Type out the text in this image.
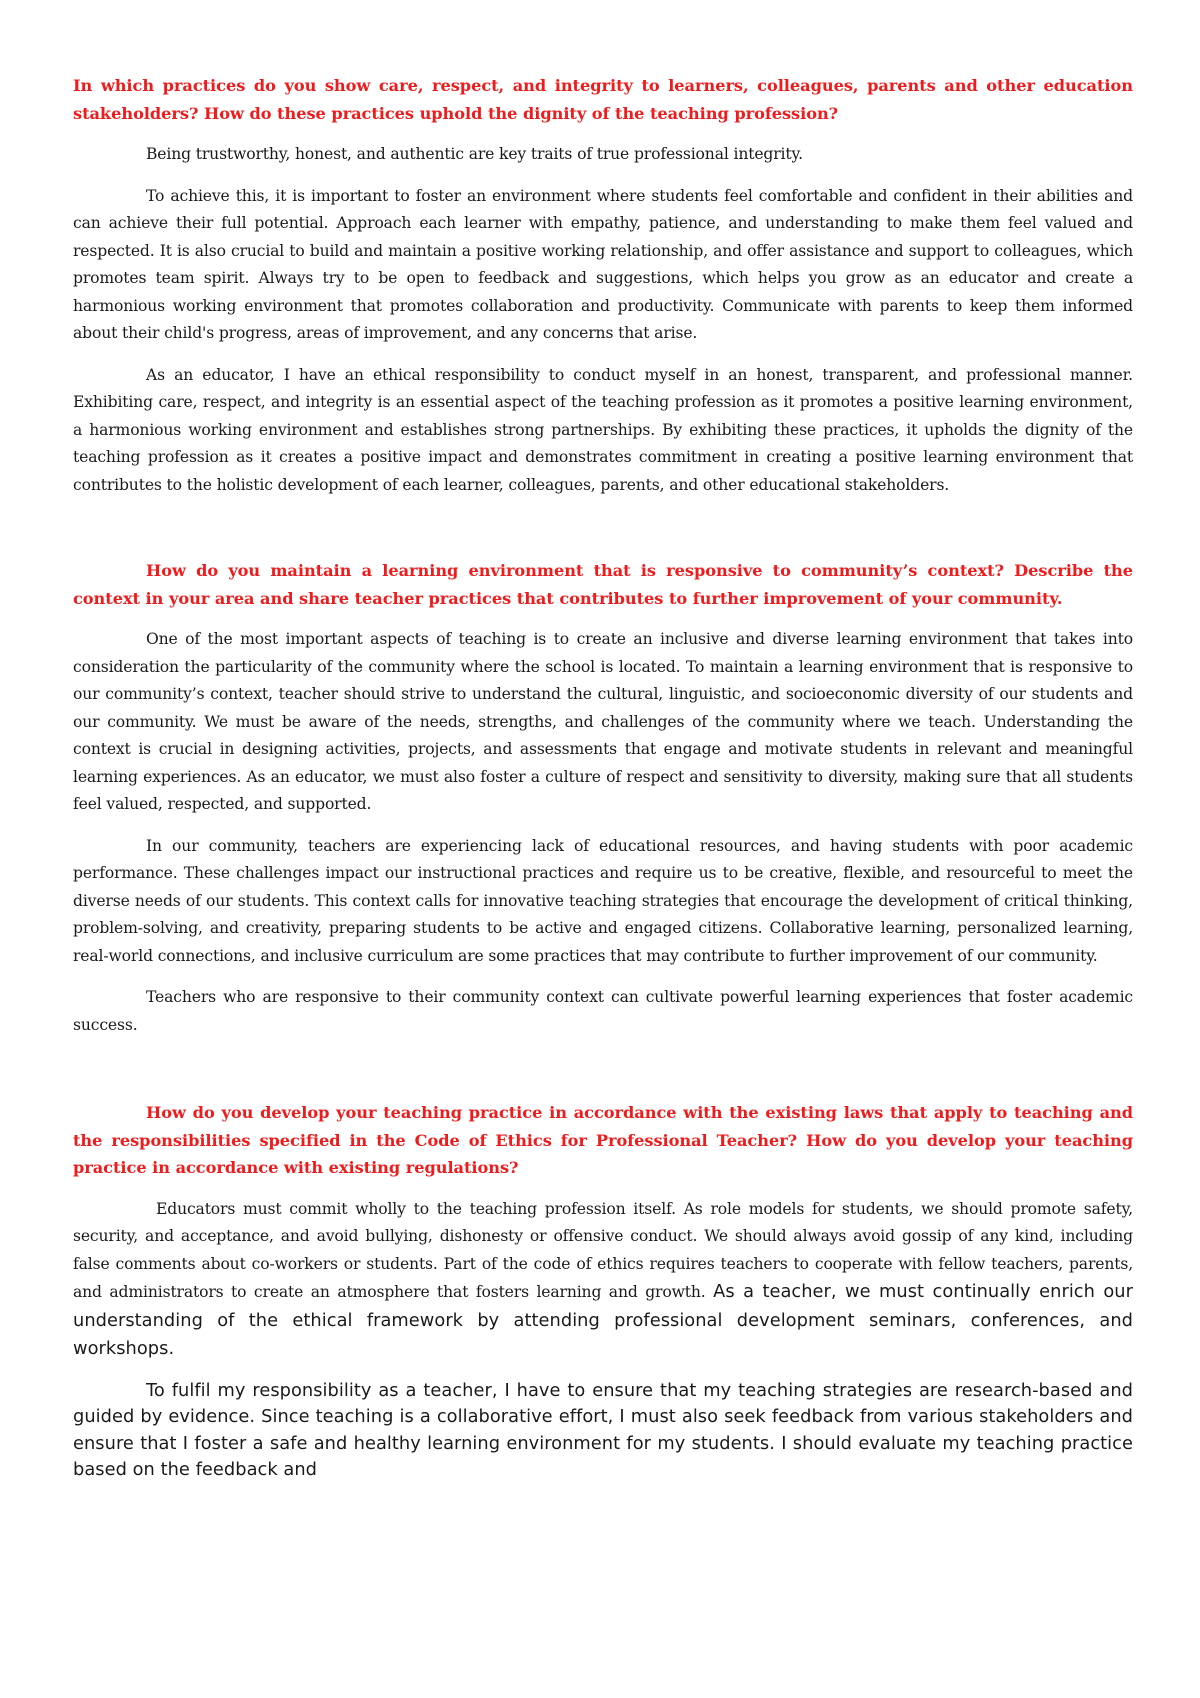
In which practices do you show care, respect, and integrity to learners, colleagues, parents and other education stakeholders? How do these practices uphold the dignity of the teaching profession?
Being trustworthy, honest, and authentic are key traits of true professional integrity.
To achieve this, it is important to foster an environment where students feel comfortable and confident in their abilities and can achieve their full potential. Approach each learner with empathy, patience, and understanding to make them feel valued and respected. It is also crucial to build and maintain a positive working relationship, and offer assistance and support to colleagues, which promotes team spirit. Always try to be open to feedback and suggestions, which helps you grow as an educator and create a harmonious working environment that promotes collaboration and productivity. Communicate with parents to keep them informed about their child's progress, areas of improvement, and any concerns that arise.
As an educator, I have an ethical responsibility to conduct myself in an honest, transparent, and professional manner. Exhibiting care, respect, and integrity is an essential aspect of the teaching profession as it promotes a positive learning environment, a harmonious working environment and establishes strong partnerships. By exhibiting these practices, it upholds the dignity of the teaching profession as it creates a positive impact and demonstrates commitment in creating a positive learning environment that contributes to the holistic development of each learner, colleagues, parents, and other educational stakeholders.
How do you maintain a learning environment that is responsive to community’s context? Describe the context in your area and share teacher practices that contributes to further improvement of your community.
One of the most important aspects of teaching is to create an inclusive and diverse learning environment that takes into consideration the particularity of the community where the school is located. To maintain a learning environment that is responsive to our community’s context, teacher should strive to understand the cultural, linguistic, and socioeconomic diversity of our students and our community. We must be aware of the needs, strengths, and challenges of the community where we teach. Understanding the context is crucial in designing activities, projects, and assessments that engage and motivate students in relevant and meaningful learning experiences. As an educator, we must also foster a culture of respect and sensitivity to diversity, making sure that all students feel valued, respected, and supported.
In our community, teachers are experiencing lack of educational resources, and having students with poor academic performance. These challenges impact our instructional practices and require us to be creative, flexible, and resourceful to meet the diverse needs of our students. This context calls for innovative teaching strategies that encourage the development of critical thinking, problem-solving, and creativity, preparing students to be active and engaged citizens. Collaborative learning, personalized learning, real-world connections, and inclusive curriculum are some practices that may contribute to further improvement of our community.
Teachers who are responsive to their community context can cultivate powerful learning experiences that foster academic success.
How do you develop your teaching practice in accordance with the existing laws that apply to teaching and the responsibilities specified in the Code of Ethics for Professional Teacher? How do you develop your teaching practice in accordance with existing regulations?
Educators must commit wholly to the teaching profession itself. As role models for students, we should promote safety, security, and acceptance, and avoid bullying, dishonesty or offensive conduct. We should always avoid gossip of any kind, including false comments about co-workers or students. Part of the code of ethics requires teachers to cooperate with fellow teachers, parents, and administrators to create an atmosphere that fosters learning and growth. As a teacher, we must continually enrich our understanding of the ethical framework by attending professional development seminars, conferences, and workshops.
To fulfil my responsibility as a teacher, I have to ensure that my teaching strategies are research-based and guided by evidence. Since teaching is a collaborative effort, I must also seek feedback from various stakeholders and ensure that I foster a safe and healthy learning environment for my students. I should evaluate my teaching practice based on the feedback and
